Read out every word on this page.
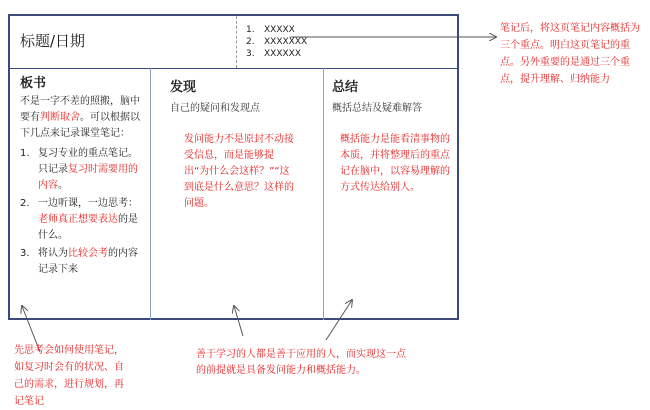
标题/日期
1. XXXXX
2. XXXXXXX
3. XXXXXX
板书
不是一字不差的照搬，脑中要有判断取舍。可以根据以下几点来记录课堂笔记：
1. 复习专业的重点笔记。只记录复习时需要用的内容。
2. 一边听课，一边思考：老师真正想要表达的是什么。
3. 将认为比较会考的内容记录下来
发现
自己的疑问和发现点
发问能力不是原封不动接受信息，而是能够提出“为什么会这样？”“这到底是什么意思？这样的问题。
总结
概括总结及疑难解答
概括能力是能看清事物的本质，并将整理后的重点记在脑中，以容易理解的方式传达给别人。
笔记后，将这页笔记内容概括为三个重点。明白这页笔记的重点。另外重要的是通过三个重点，提升理解、归纳能力
先思考会如何使用笔记，如复习时会有的状况、自己的需求，进行规划，再记笔记
善于学习的人都是善于应用的人，而实现这一点的前提就是具备发问能力和概括能力。
